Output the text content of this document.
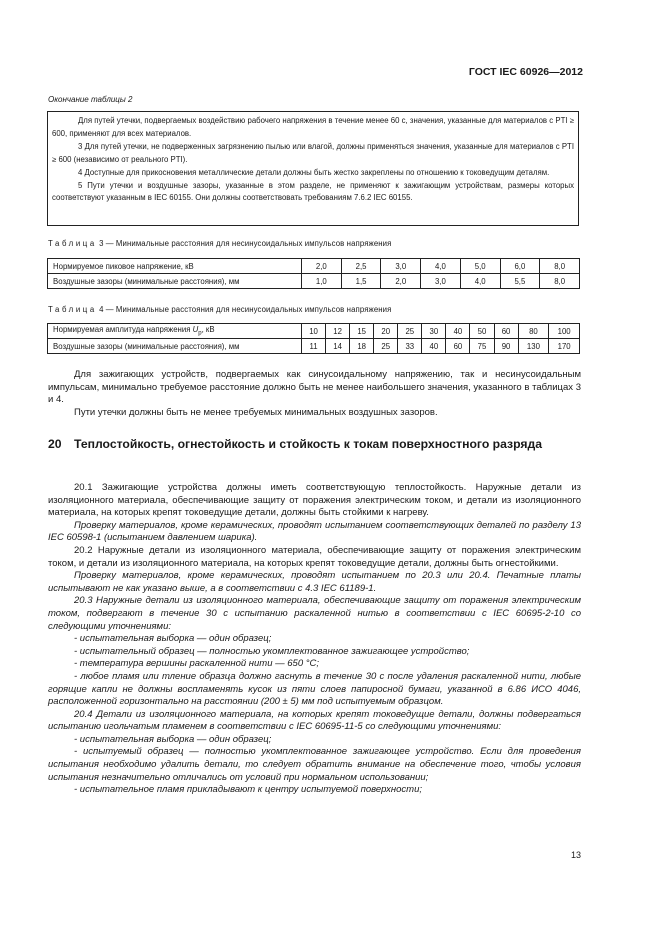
ГОСТ IEC 60926—2012
Окончание таблицы 2

Для путей утечки, подвергаемых воздействию рабочего напряжения в течение менее 60 с, значения, указанные для материалов с PTI ≥ 600, применяют для всех материалов.

3 Для путей утечки, не подверженных загрязнению пылью или влагой, должны применяться значения, указанные для материалов с PTI ≥ 600 (независимо от реального PTI).

4 Доступные для прикосновения металлические детали должны быть жестко закреплены по отношению к токоведущим деталям.

5 Пути утечки и воздушные зазоры, указанные в этом разделе, не применяют к зажигающим устройствам, размеры которых соответствуют указанным в IEC 60155. Они должны соответствовать требованиям 7.6.2 IEC 60155.

Таблица 3 — Минимальные расстояния для несинусоидальных импульсов напряжения
Нормируемое пиковое напряжение, кВ	2,0	2,5	3,0	4,0	5,0	6,0	8,0
Воздушные зазоры (минимальные расстояния), мм	1,0	1,5	2,0	3,0	4,0	5,5	8,0
Таблица 4 — Минимальные расстояния для несинусоидальных импульсов напряжения
Нормируемая амплитуда напряжения $U_p$, кВ	10	12	15	20	25	30	40	50	60	80	100
Воздушные зазоры (минимальные расстояния), мм	11	14	18	25	33	40	60	75	90	130	170

Для зажигающих устройств, подвергаемых как синусоидальному напряжению, так и несинусоидальным импульсам, минимально требуемое расстояние должно быть не менее наибольшего значения, указанного в таблицах 3 и 4.

Пути утечки должны быть не менее требуемых минимальных воздушных зазоров.

20 Теплостойкость, огнестойкость и стойкость к токам поверхностного разряда

20.1 Зажигающие устройства должны иметь соответствующую теплостойкость. Наружные детали из изоляционного материала, обеспечивающие защиту от поражения электрическим током, и детали из изоляционного материала, на которых крепят токоведущие детали, должны быть стойкими к нагреву.

Проверку материалов, кроме керамических, проводят испытанием соответствующих деталей по разделу 13 IEC 60598-1 (испытанием давлением шарика).

20.2 Наружные детали из изоляционного материала, обеспечивающие защиту от поражения электрическим током, и детали из изоляционного материала, на которых крепят токоведущие детали, должны быть огнестойкими.

Проверку материалов, кроме керамических, проводят испытанием по 20.3 или 20.4. Печатные платы испытывают не как указано выше, а в соответствии с 4.3 IEC 61189-1.

20.3 Наружные детали из изоляционного материала, обеспечивающие защиту от поражения электрическим током, подвергают в течение 30 с испытанию раскаленной нитью в соответствии с IEC 60695-2-10 со следующими уточнениями:

- испытательная выборка — один образец;

- испытательный образец — полностью укомплектованное зажигающее устройство;

- температура вершины раскаленной нити — 650 °С;

- любое пламя или тление образца должно гаснуть в течение 30 с после удаления раскаленной нити, любые горящие капли не должны воспламенять кусок из пяти слоев папиросной бумаги, указанной в 6.86 ИСО 4046, расположенной горизонтально на расстоянии (200 ± 5) мм под испытуемым образцом.

20.4 Детали из изоляционного материала, на которых крепят токоведущие детали, должны подвергаться испытанию игольчатым пламенем в соответствии с IEC 60695-11-5 со следующими уточнениями:

- испытательная выборка — один образец;

- испытуемый образец — полностью укомплектованное зажигающее устройство. Если для проведения испытания необходимо удалить детали, то следует обратить внимание на обеспечение того, чтобы условия испытания незначительно отличались от условий при нормальном использовании;

- испытательное пламя прикладывают к центру испытуемой поверхности;

13
